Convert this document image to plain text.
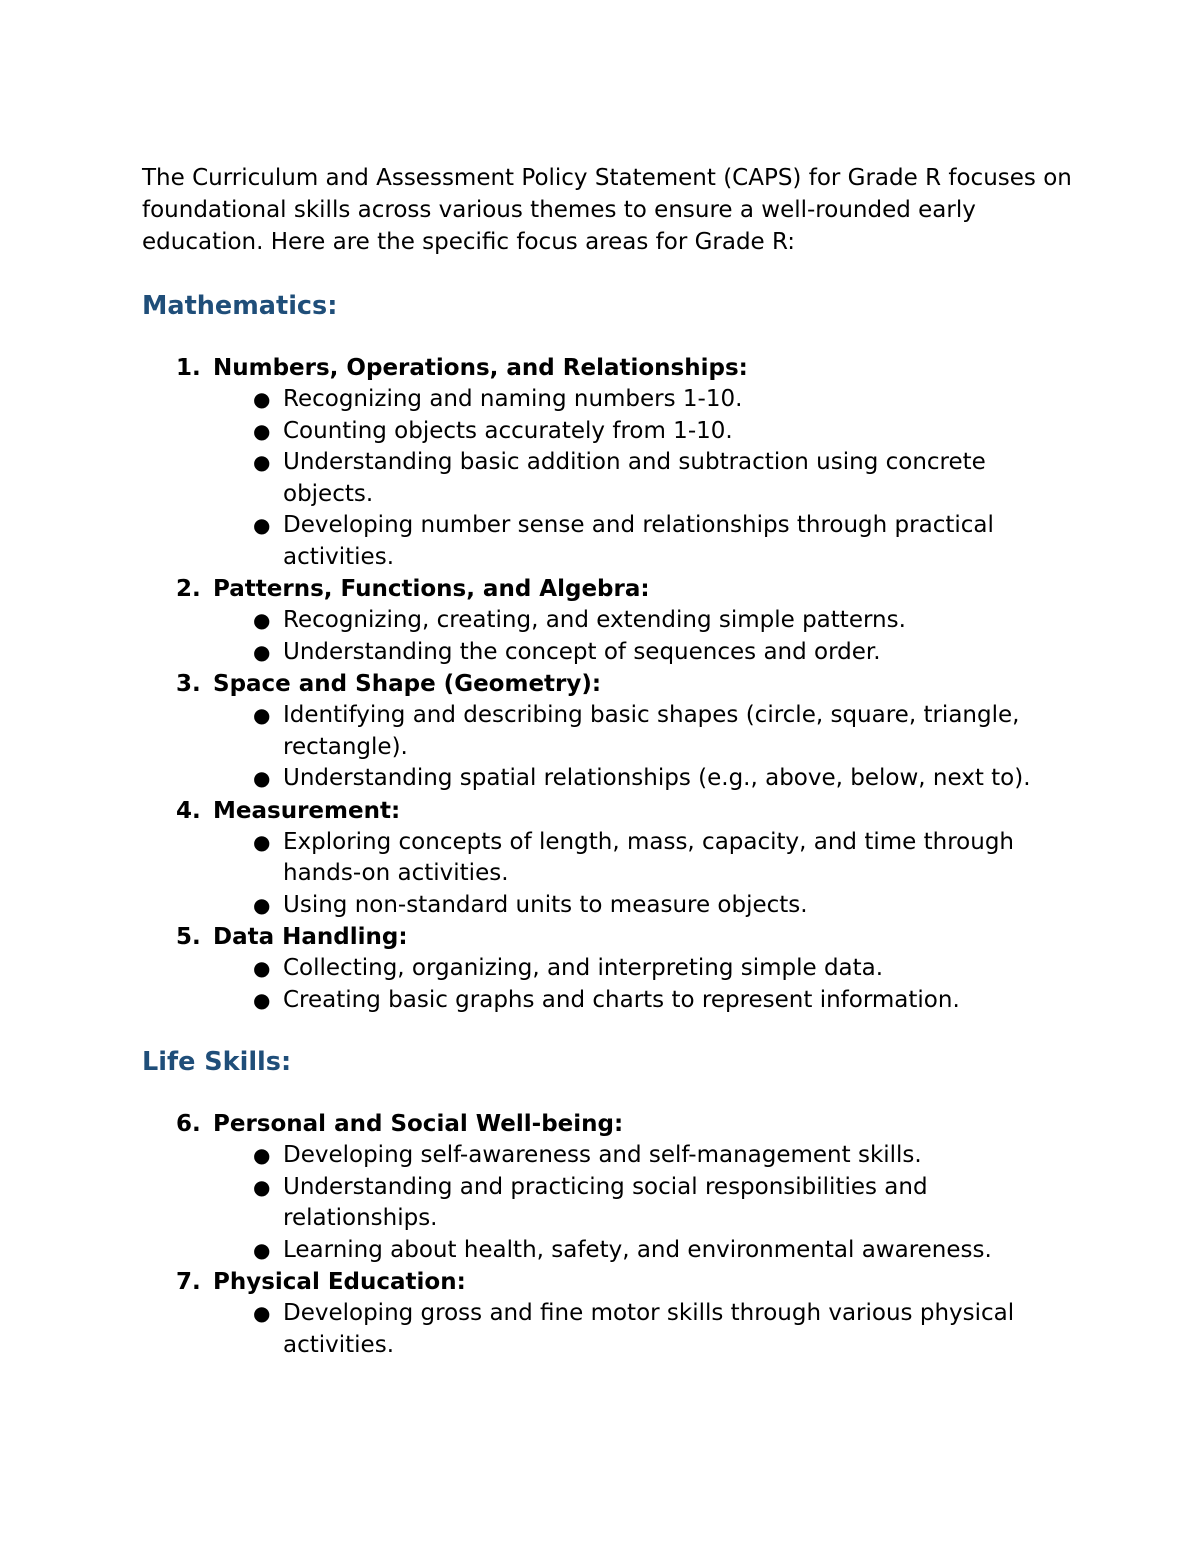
The Curriculum and Assessment Policy Statement (CAPS) for Grade R focuses on foundational skills across various themes to ensure a well-rounded early education. Here are the specific focus areas for Grade R:

Mathematics:
1. Numbers, Operations, and Relationships:
● Recognizing and naming numbers 1-10.
● Counting objects accurately from 1-10.
● Understanding basic addition and subtraction using concrete objects.
● Developing number sense and relationships through practical activities.
2. Patterns, Functions, and Algebra:
● Recognizing, creating, and extending simple patterns.
● Understanding the concept of sequences and order.
3. Space and Shape (Geometry):
● Identifying and describing basic shapes (circle, square, triangle, rectangle).
● Understanding spatial relationships (e.g., above, below, next to).
4. Measurement:
● Exploring concepts of length, mass, capacity, and time through hands-on activities.
● Using non-standard units to measure objects.
5. Data Handling:
● Collecting, organizing, and interpreting simple data.
● Creating basic graphs and charts to represent information.
Life Skills:
6. Personal and Social Well-being:
● Developing self-awareness and self-management skills.
● Understanding and practicing social responsibilities and relationships.
● Learning about health, safety, and environmental awareness.
7. Physical Education:
● Developing gross and fine motor skills through various physical activities.
